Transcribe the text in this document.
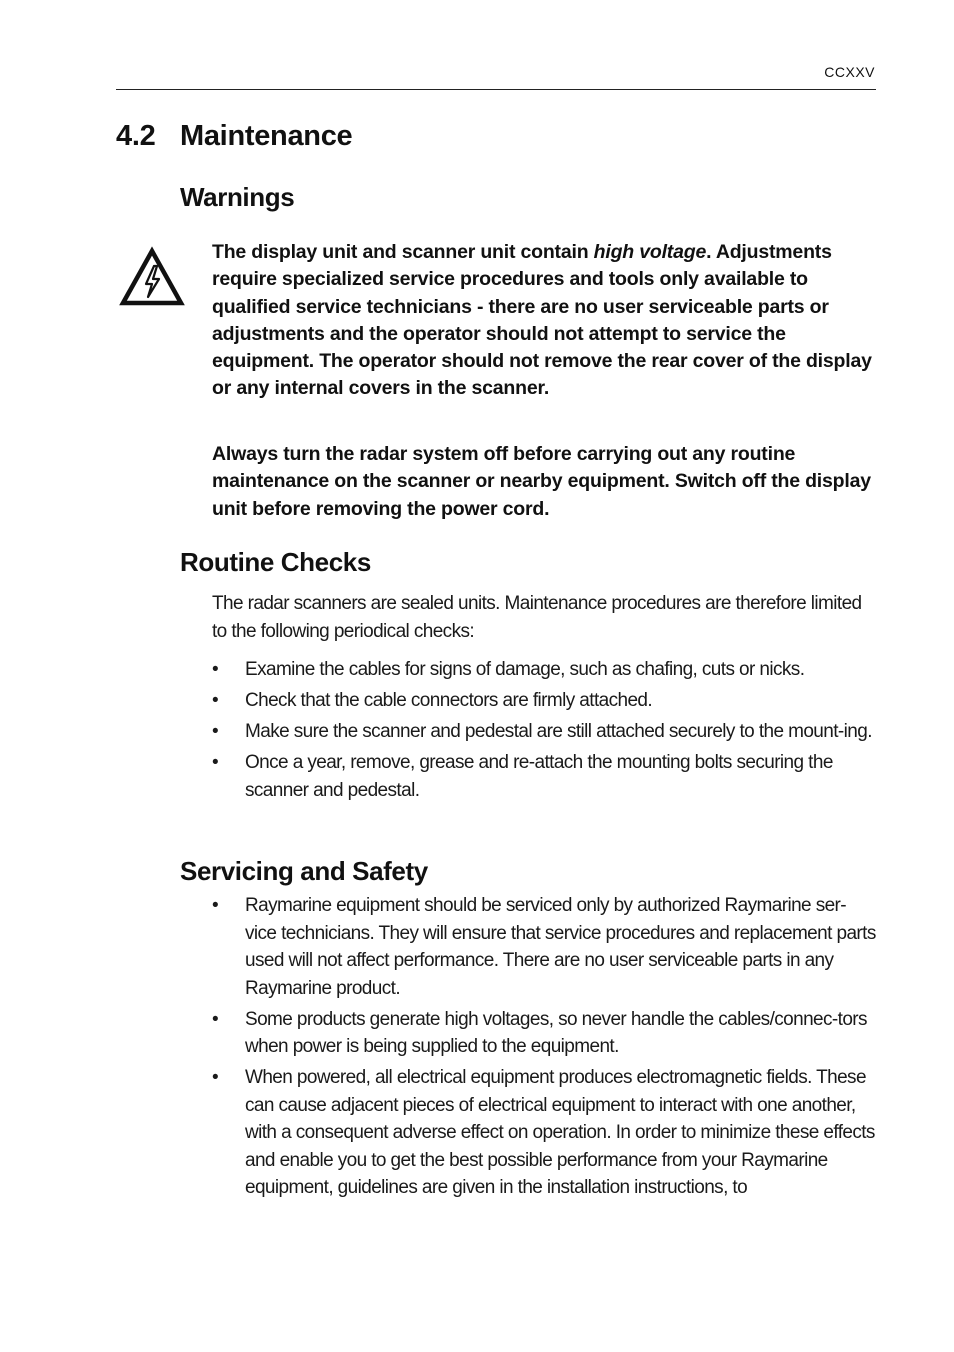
CCXXV
4.2 Maintenance
Warnings
The display unit and scanner unit contain high voltage. Adjustments require specialized service procedures and tools only available to qualified service technicians - there are no user serviceable parts or adjustments and the operator should not attempt to service the equipment. The operator should not remove the rear cover of the display or any internal covers in the scanner.
Always turn the radar system off before carrying out any routine maintenance on the scanner or nearby equipment. Switch off the display unit before removing the power cord.
Routine Checks

The radar scanners are sealed units. Maintenance procedures are therefore limited to the following periodical checks:

•	Examine the cables for signs of damage, such as chafing, cuts or nicks.
•	Check that the cable connectors are firmly attached.
•	Make sure the scanner and pedestal are still attached securely to the mount-ing.
•	Once a year, remove, grease and re-attach the mounting bolts securing the scanner and pedestal.
Servicing and Safety
•	Raymarine equipment should be serviced only by authorized Raymarine ser-vice technicians. They will ensure that service procedures and replacement parts used will not affect performance. There are no user serviceable parts in any Raymarine product.
•	Some products generate high voltages, so never handle the cables/connec-tors when power is being supplied to the equipment.
•	When powered, all electrical equipment produces electromagnetic fields. These can cause adjacent pieces of electrical equipment to interact with one another, with a consequent adverse effect on operation. In order to minimize these effects and enable you to get the best possible performance from your Raymarine equipment, guidelines are given in the installation instructions, to
